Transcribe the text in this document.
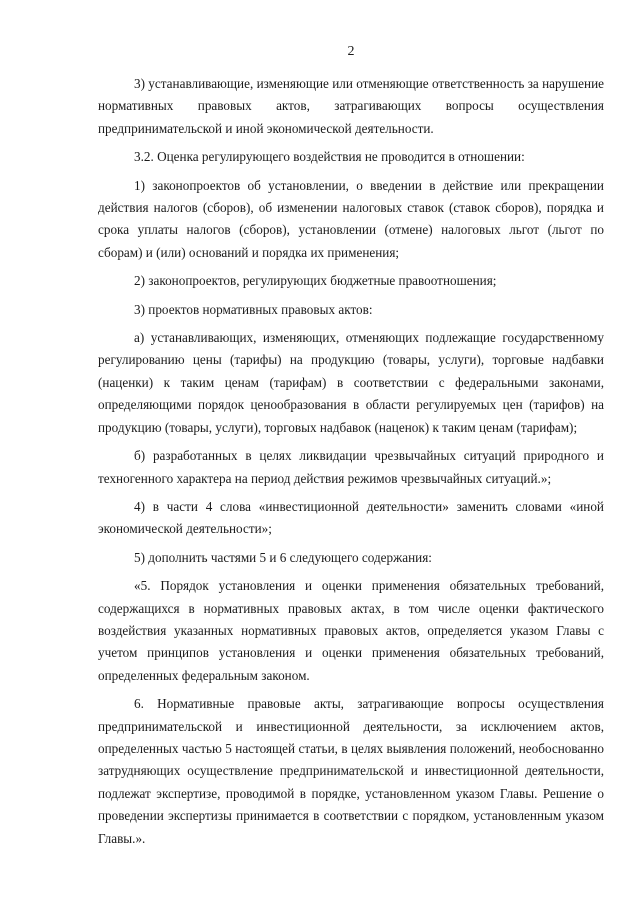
2

3) устанавливающие, изменяющие или отменяющие ответственность за нарушение нормативных правовых актов, затрагивающих вопросы осуществления предпринимательской и иной экономической деятельности.

3.2. Оценка регулирующего воздействия не проводится в отношении:

1) законопроектов об установлении, о введении в действие или прекращении действия налогов (сборов), об изменении налоговых ставок (ставок сборов), порядка и срока уплаты налогов (сборов), установлении (отмене) налоговых льгот (льгот по сборам) и (или) оснований и порядка их применения;

2) законопроектов, регулирующих бюджетные правоотношения;

3) проектов нормативных правовых актов:

а) устанавливающих, изменяющих, отменяющих подлежащие государственному регулированию цены (тарифы) на продукцию (товары, услуги), торговые надбавки (наценки) к таким ценам (тарифам) в соответствии с федеральными законами, определяющими порядок ценообразования в области регулируемых цен (тарифов) на продукцию (товары, услуги), торговых надбавок (наценок) к таким ценам (тарифам);

б) разработанных в целях ликвидации чрезвычайных ситуаций природного и техногенного характера на период действия режимов чрезвычайных ситуаций.»;

4) в части 4 слова «инвестиционной деятельности» заменить словами «иной экономической деятельности»;

5) дополнить частями 5 и 6 следующего содержания:

«5. Порядок установления и оценки применения обязательных требований, содержащихся в нормативных правовых актах, в том числе оценки фактического воздействия указанных нормативных правовых актов, определяется указом Главы с учетом принципов установления и оценки применения обязательных требований, определенных федеральным законом.

6. Нормативные правовые акты, затрагивающие вопросы осуществления предпринимательской и инвестиционной деятельности, за исключением актов, определенных частью 5 настоящей статьи, в целях выявления положений, необоснованно затрудняющих осуществление предпринимательской и инвестиционной деятельности, подлежат экспертизе, проводимой в порядке, установленном указом Главы. Решение о проведении экспертизы принимается в соответствии с порядком, установленным указом Главы.».
